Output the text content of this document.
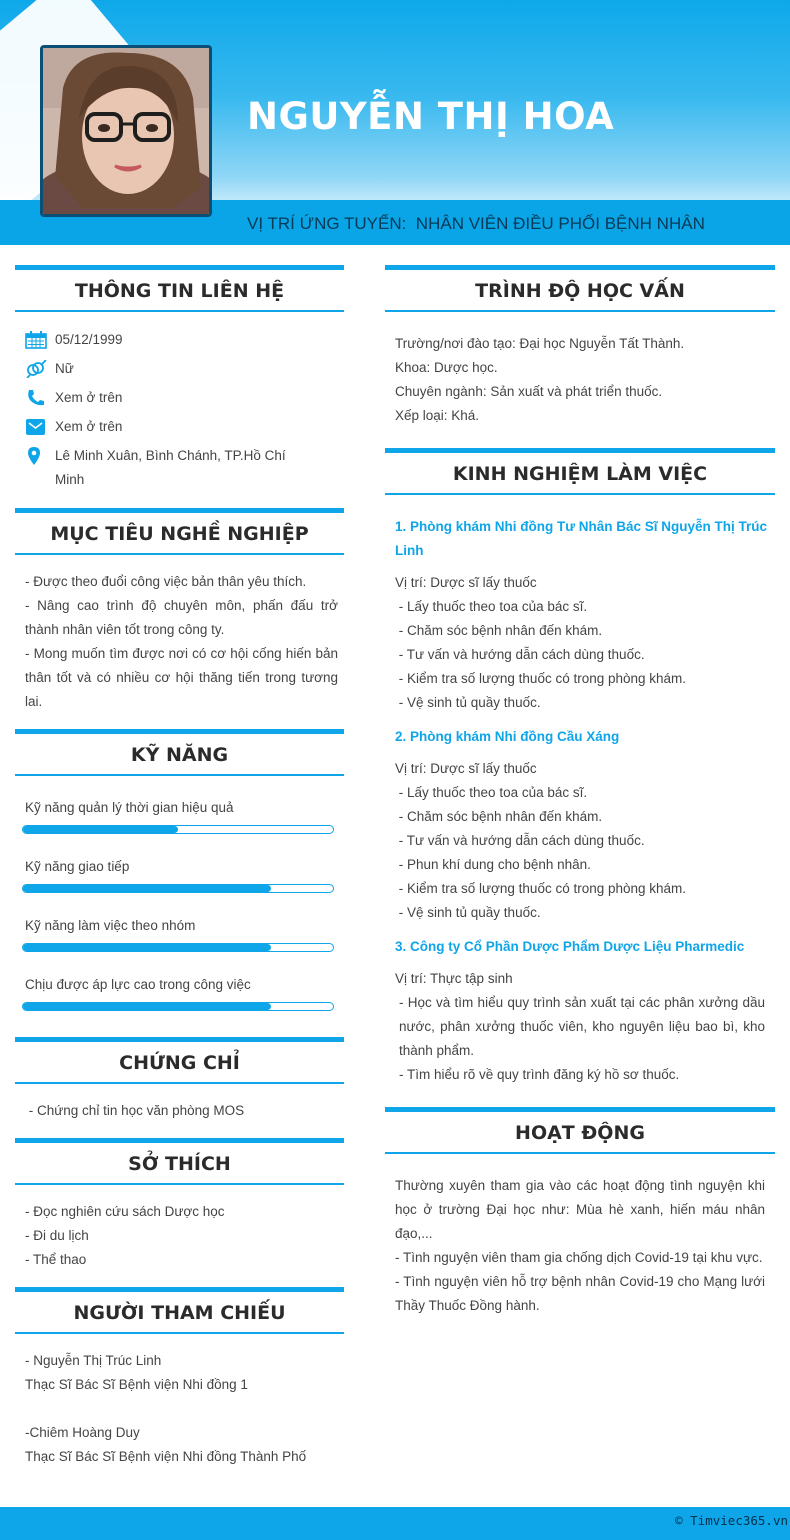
NGUYỄN THỊ HOA
VỊ TRÍ ỨNG TUYỂN:  NHÂN VIÊN ĐIỀU PHỐI BỆNH NHÂN
THÔNG TIN LIÊN HỆ
05/12/1999
Nữ
Xem ở trên
Xem ở trên
Lê Minh Xuân, Bình Chánh, TP.Hồ Chí Minh
MỤC TIÊU NGHỀ NGHIỆP
- Được theo đuổi công việc bản thân yêu thích.
- Nâng cao trình độ chuyên môn, phấn đấu trở thành nhân viên tốt trong công ty.
- Mong muốn tìm được nơi có cơ hội cống hiến bản thân tốt và có nhiều cơ hội thăng tiến trong tương lai.
KỸ NĂNG
Kỹ năng quản lý thời gian hiệu quả
Kỹ năng giao tiếp
Kỹ năng làm việc theo nhóm
Chịu được áp lực cao trong công việc
CHỨNG CHỈ
- Chứng chỉ tin học văn phòng MOS
SỞ THÍCH
- Đọc nghiên cứu sách Dược học
- Đi du lịch
- Thể thao
NGƯỜI THAM CHIẾU
- Nguyễn Thị Trúc Linh
Thạc Sĩ Bác Sĩ Bệnh viện Nhi đồng 1
-Chiêm Hoàng Duy
Thạc Sĩ Bác Sĩ Bệnh viện Nhi đồng Thành Phố
TRÌNH ĐỘ HỌC VẤN
Trường/nơi đào tạo: Đại học Nguyễn Tất Thành.
Khoa: Dược học.
Chuyên ngành: Sản xuất và phát triển thuốc.
Xếp loại: Khá.
KINH NGHIỆM LÀM VIỆC
1. Phòng khám Nhi đồng Tư Nhân Bác Sĩ Nguyễn Thị Trúc Linh
Vị trí: Dược sĩ lấy thuốc
- Lấy thuốc theo toa của bác sĩ.
- Chăm sóc bệnh nhân đến khám.
- Tư vấn và hướng dẫn cách dùng thuốc.
- Kiểm tra số lượng thuốc có trong phòng khám.
- Vệ sinh tủ quầy thuốc.
2. Phòng khám Nhi đồng Cầu Xáng
Vị trí: Dược sĩ lấy thuốc
- Lấy thuốc theo toa của bác sĩ.
- Chăm sóc bệnh nhân đến khám.
- Tư vấn và hướng dẫn cách dùng thuốc.
- Phun khí dung cho bệnh nhân.
- Kiểm tra số lượng thuốc có trong phòng khám.
- Vệ sinh tủ quầy thuốc.
3. Công ty Cổ Phần Dược Phẩm Dược Liệu Pharmedic
Vị trí: Thực tập sinh
- Học và tìm hiểu quy trình sản xuất tại các phân xưởng dầu nước, phân xưởng thuốc viên, kho nguyên liệu bao bì, kho thành phẩm.
- Tìm hiểu rõ về quy trình đăng ký hồ sơ thuốc.
HOẠT ĐỘNG
Thường xuyên tham gia vào các hoạt động tình nguyện khi học ở trường Đại học như: Mùa hè xanh, hiến máu nhân đạo,...
- Tình nguyện viên tham gia chống dịch Covid-19 tại khu vực.
- Tình nguyện viên hỗ trợ bệnh nhân Covid-19 cho Mạng lưới Thầy Thuốc Đồng hành.
© Timviec365.vn
